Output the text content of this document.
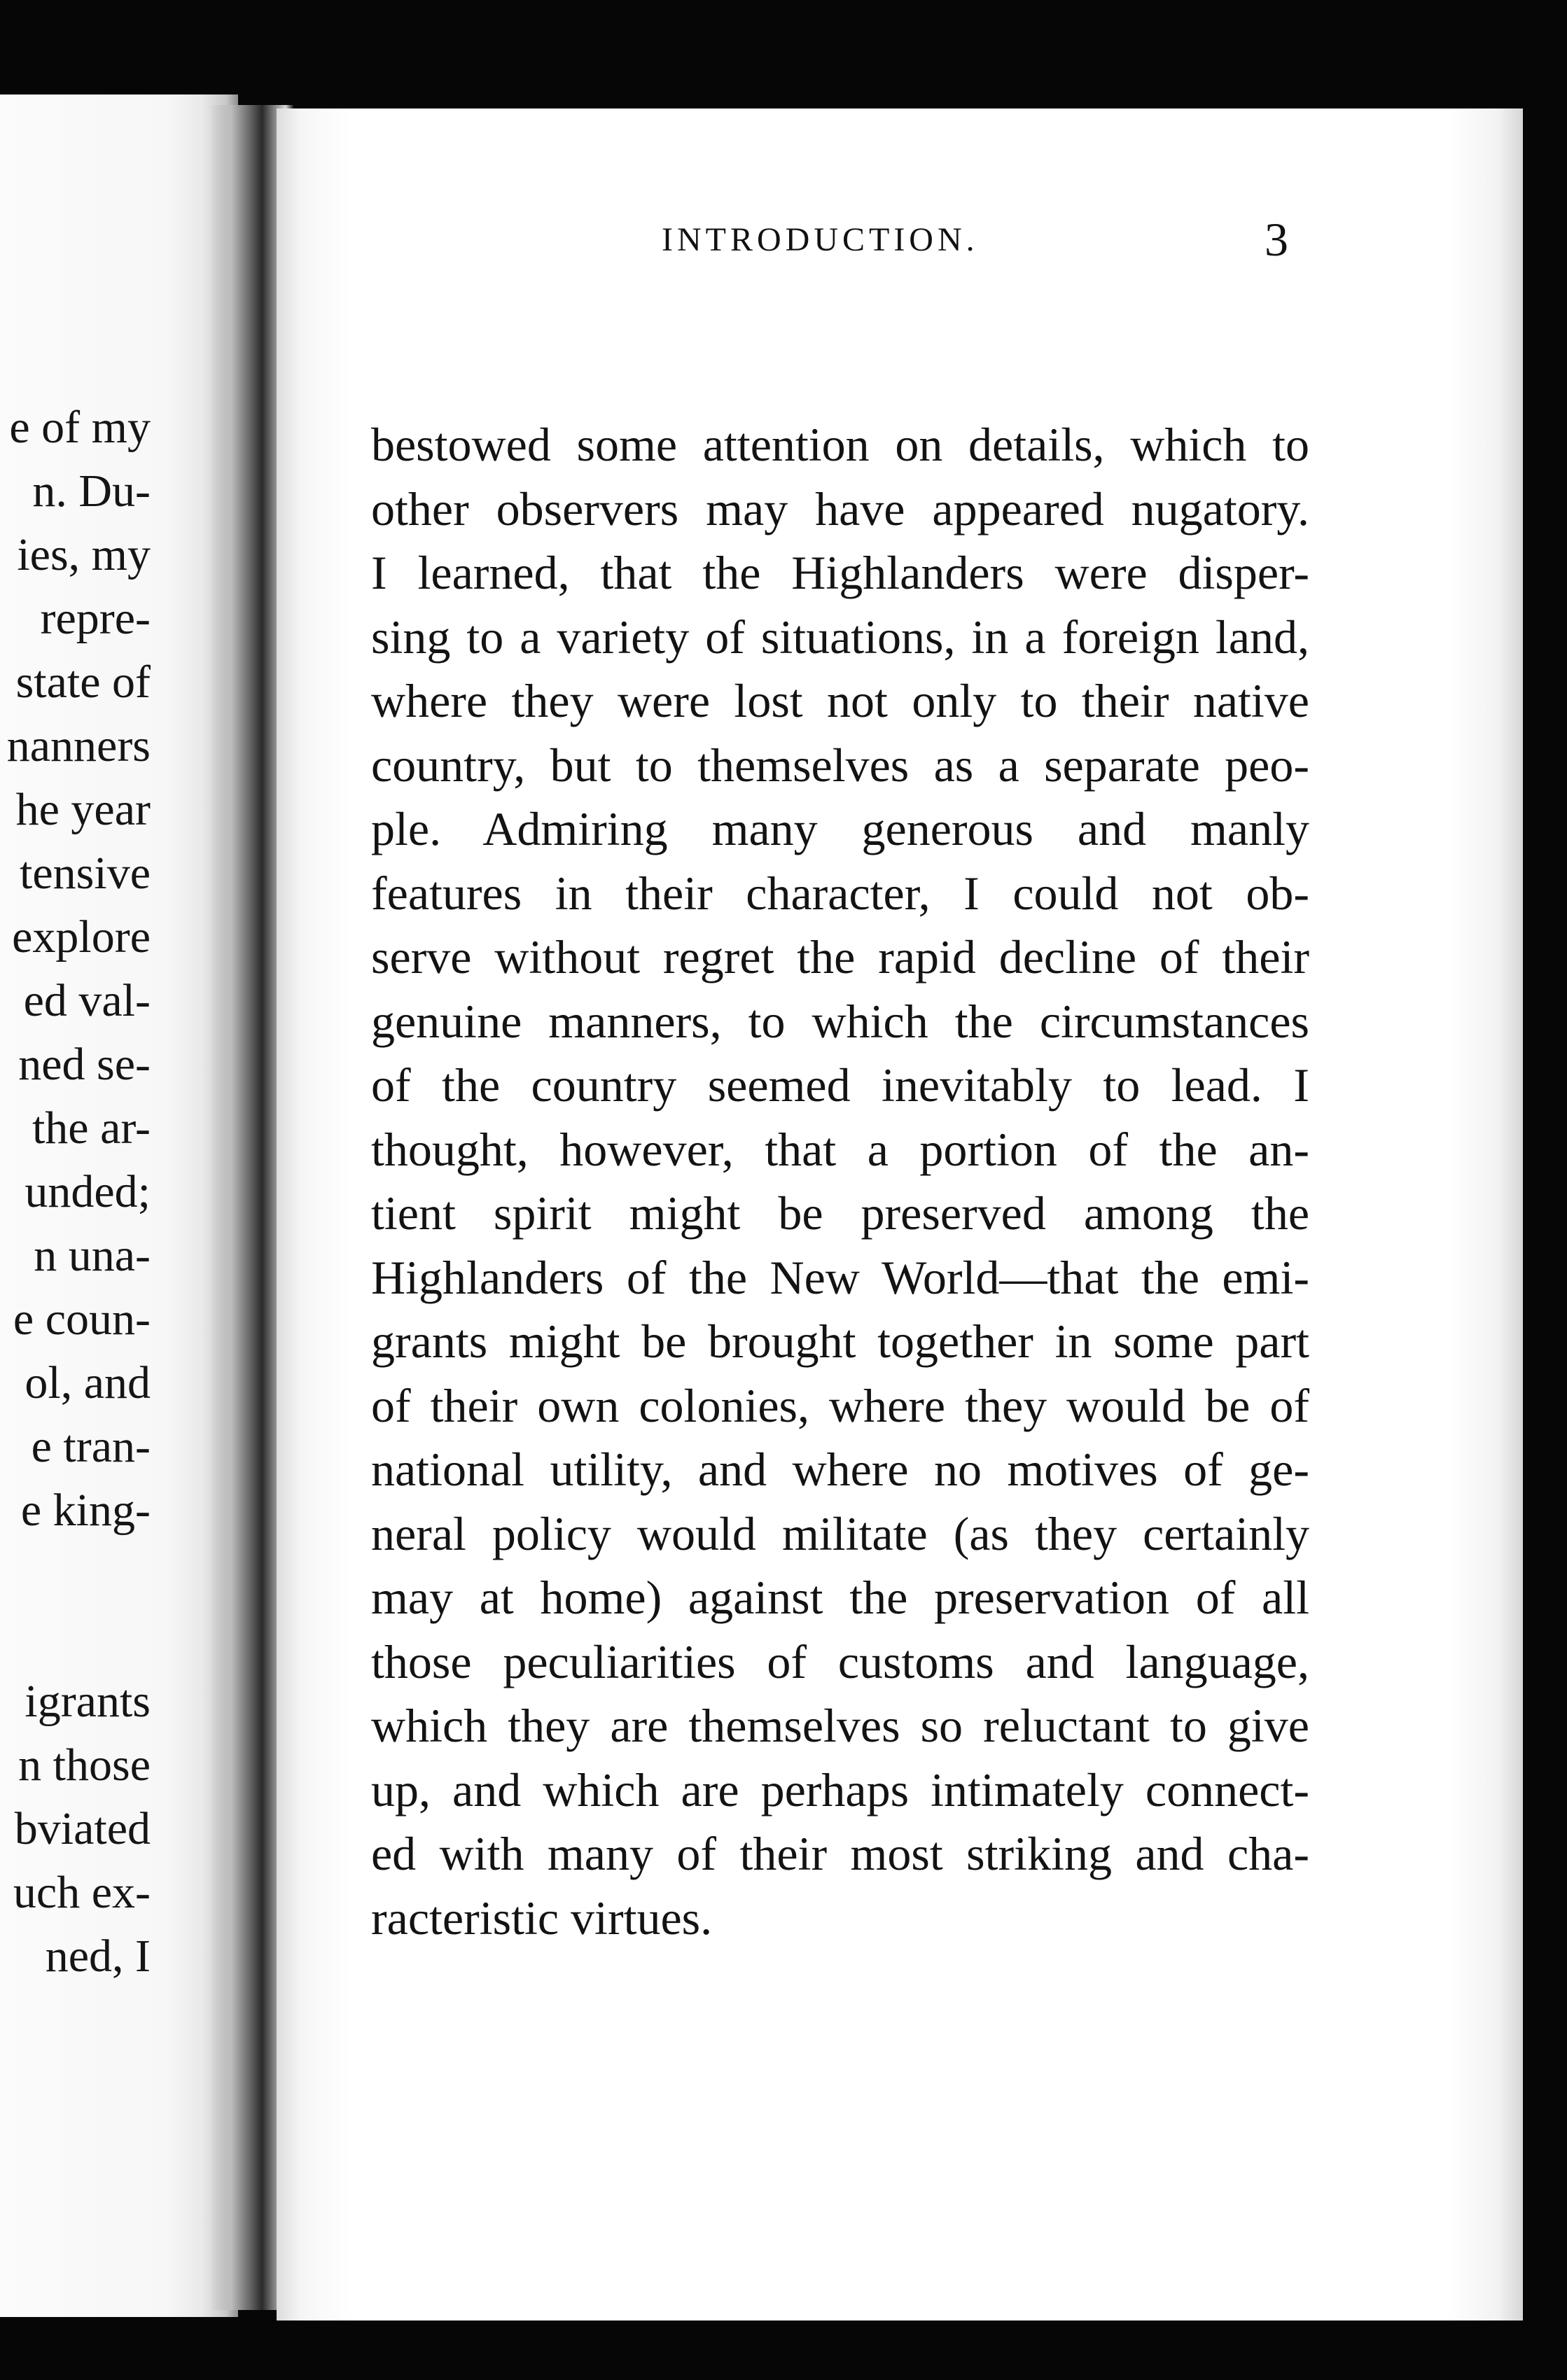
e of my
n. Du-
ies, my
repre-
state of
nanners
he year
tensive
explore
ed val-
ned se-
the ar-
unded;
n una-
e coun-
ol, and
e tran-
e king-
igrants
n those
bviated
uch ex-
ned, I
INTRODUCTION.	3
bestowed some attention on details, which to
other observers may have appeared nugatory.
I learned, that the Highlanders were disper-
sing to a variety of situations, in a foreign land,
where they were lost not only to their native
country, but to themselves as a separate peo-
ple. Admiring many generous and manly
features in their character, I could not ob-
serve without regret the rapid decline of their
genuine manners, to which the circumstances
of the country seemed inevitably to lead. I
thought, however, that a portion of the an-
tient spirit might be preserved among the
Highlanders of the New World—that the emi-
grants might be brought together in some part
of their own colonies, where they would be of
national utility, and where no motives of ge-
neral policy would militate (as they certainly
may at home) against the preservation of all
those peculiarities of customs and language,
which they are themselves so reluctant to give
up, and which are perhaps intimately connect-
ed with many of their most striking and cha-
racteristic virtues.
